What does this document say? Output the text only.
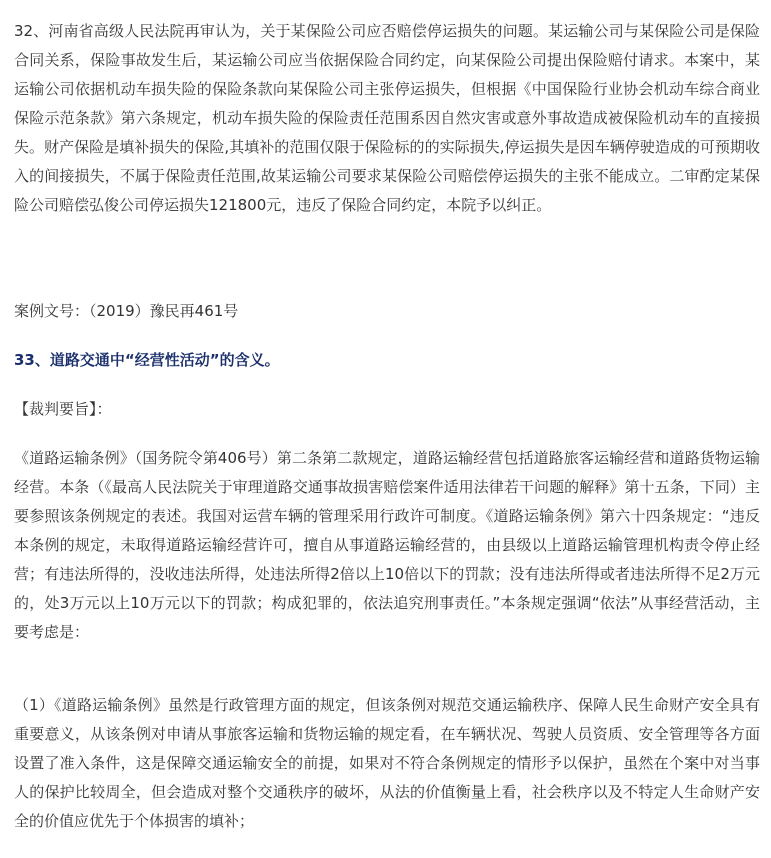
32、河南省高级人民法院再审认为，关于某保险公司应否赔偿停运损失的问题。某运输公司与某保险公司是保险合同关系，保险事故发生后，某运输公司应当依据保险合同约定，向某保险公司提出保险赔付请求。本案中，某运输公司依据机动车损失险的保险条款向某保险公司主张停运损失，但根据《中国保险行业协会机动车综合商业保险示范条款》第六条规定，机动车损失险的保险责任范围系因自然灾害或意外事故造成被保险机动车的直接损失。财产保险是填补损失的保险,其填补的范围仅限于保险标的的实际损失,停运损失是因车辆停驶造成的可预期收入的间接损失，不属于保险责任范围,故某运输公司要求某保险公司赔偿停运损失的主张不能成立。二审酌定某保险公司赔偿弘俊公司停运损失121800元，违反了保险合同约定，本院予以纠正。

案例文号：（2019）豫民再461号

33、道路交通中“经营性活动”的含义。

【裁判要旨】：

《道路运输条例》（国务院令第406号）第二条第二款规定，道路运输经营包括道路旅客运输经营和道路货物运输经营。本条（《最高人民法院关于审理道路交通事故损害赔偿案件适用法律若干问题的解释》第十五条，下同）主要参照该条例规定的表述。我国对运营车辆的管理采用行政许可制度。《道路运输条例》第六十四条规定：“违反本条例的规定，未取得道路运输经营许可，擅自从事道路运输经营的，由县级以上道路运输管理机构责令停止经营；有违法所得的，没收违法所得，处违法所得2倍以上10倍以下的罚款；没有违法所得或者违法所得不足2万元的，处3万元以上10万元以下的罚款；构成犯罪的，依法追究刑事责任。”本条规定强调“依法”从事经营活动，主要考虑是：

（1）《道路运输条例》虽然是行政管理方面的规定，但该条例对规范交通运输秩序、保障人民生命财产安全具有重要意义，从该条例对申请从事旅客运输和货物运输的规定看，在车辆状况、驾驶人员资质、安全管理等各方面设置了准入条件，这是保障交通运输安全的前提，如果对不符合条例规定的情形予以保护，虽然在个案中对当事人的保护比较周全，但会造成对整个交通秩序的破坏，从法的价值衡量上看，社会秩序以及不特定人生命财产安全的价值应优先于个体损害的填补；
